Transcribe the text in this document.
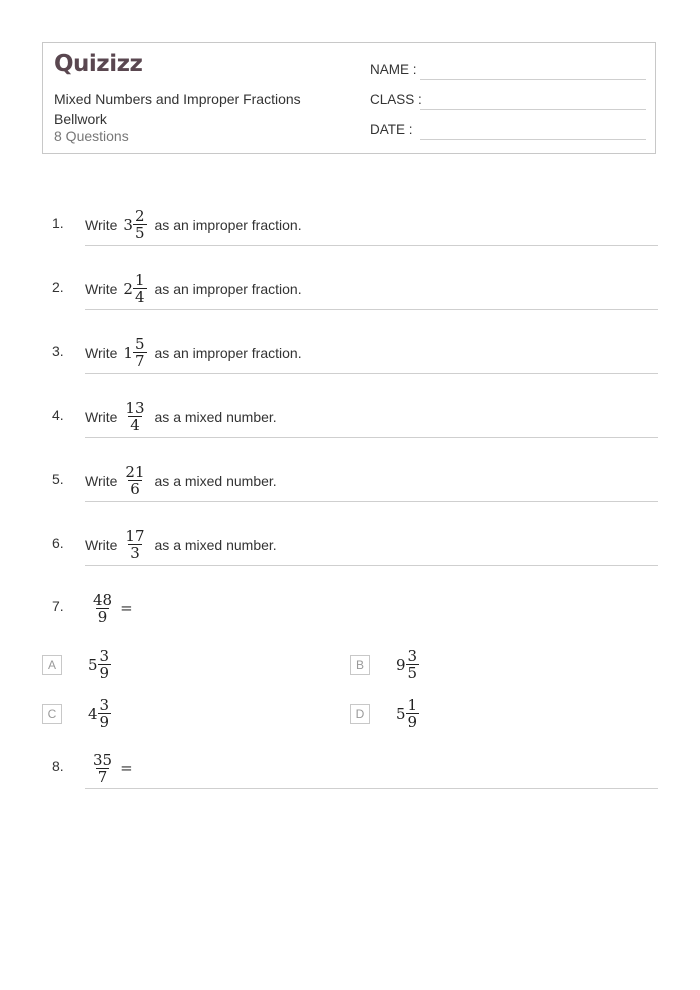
Quizizz
Mixed Numbers and Improper Fractions Bellwork
8 Questions
NAME :
CLASS :
DATE :
1. Write $3 \frac{2}{5}$ as an improper fraction.
2. Write $2 \frac{1}{4}$ as an improper fraction.
3. Write $1 \frac{5}{7}$ as an improper fraction.
4. Write $\frac{13}{4}$ as a mixed number.
5. Write $\frac{21}{6}$ as a mixed number.
6. Write $\frac{17}{3}$ as a mixed number.
7. $\frac{48}{9}$ =
A	$5 \frac{3}{9}$	B	$9 \frac{3}{5}$
C	$4 \frac{3}{9}$	D	$5 \frac{1}{9}$
8. $\frac{35}{7}$ =
